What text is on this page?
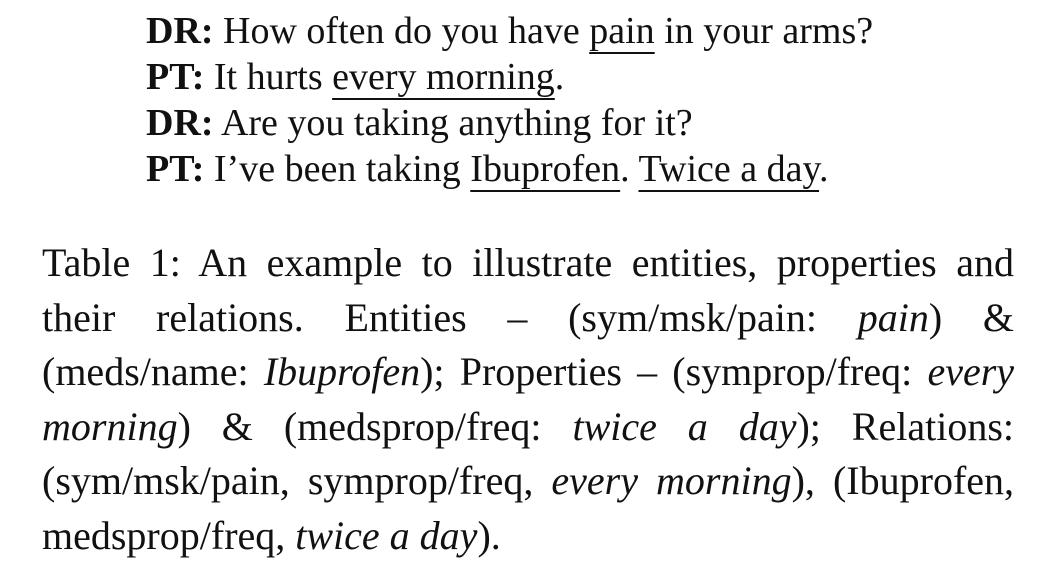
DR: How often do you have pain in your arms?
PT: It hurts every morning.
DR: Are you taking anything for it?
PT: I’ve been taking Ibuprofen. Twice a day.
Table 1: An example to illustrate entities, properties and their relations. Entities – (sym/msk/pain: pain) & (meds/name: Ibuprofen); Properties – (symprop/freq: every morning) & (medsprop/freq: twice a day); Relations: (sym/msk/pain, symprop/freq, every morning), (Ibuprofen, medsprop/freq, twice a day).
